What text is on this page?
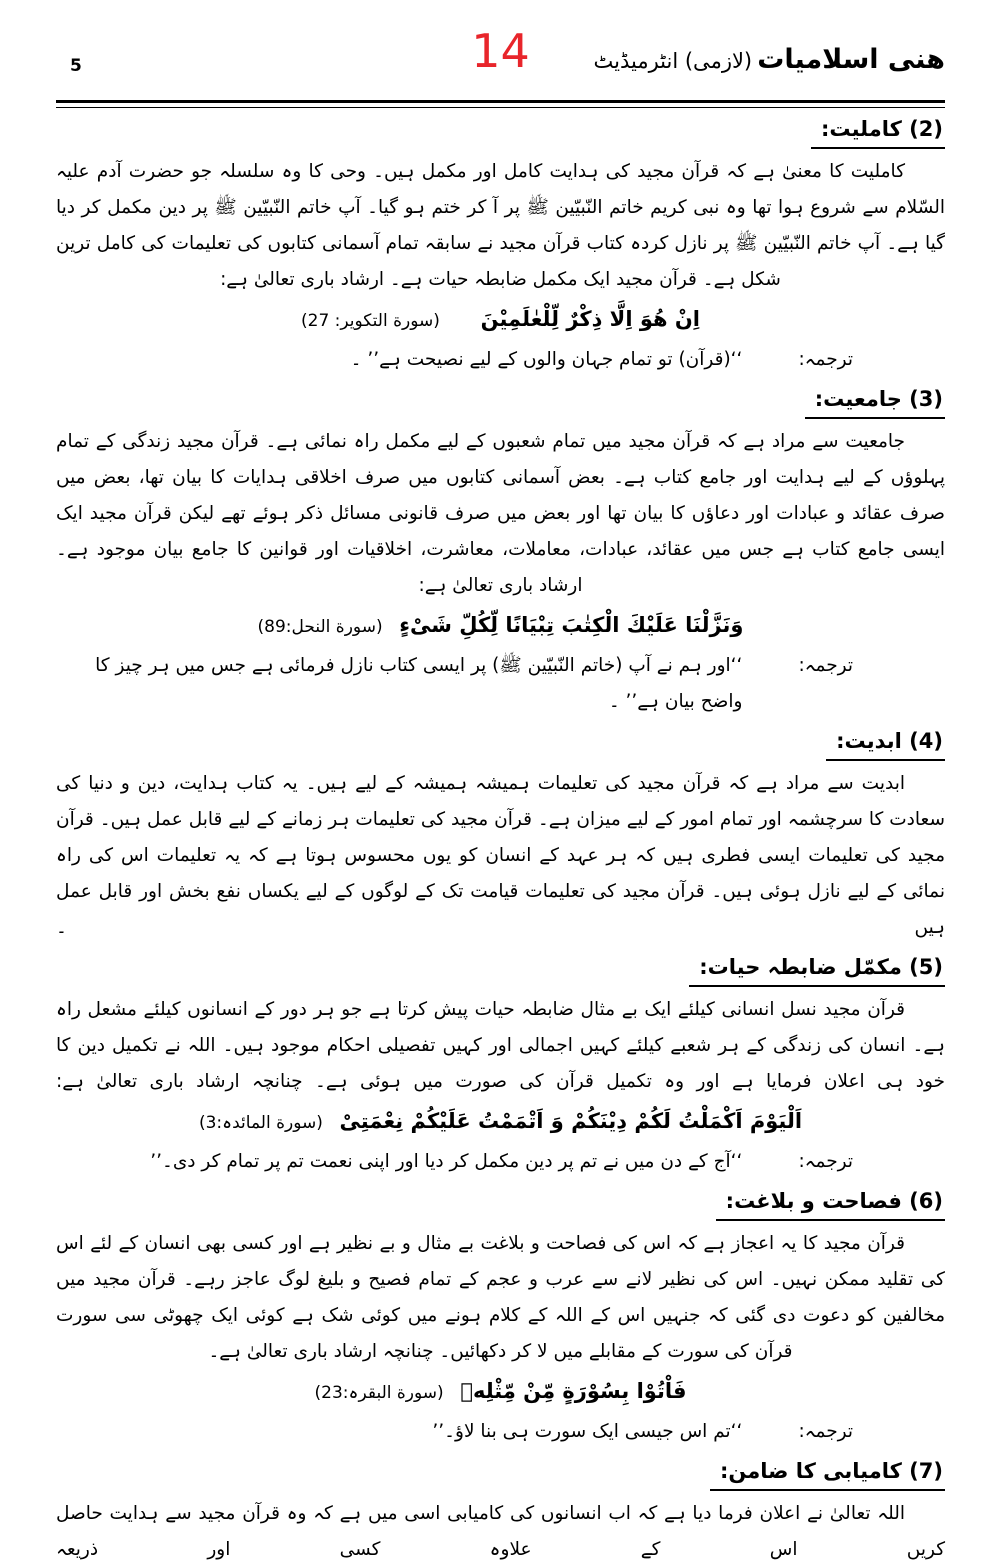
هنی اسلامیات (لازمی) انٹرمیڈیٹ
14
5
(2) کاملیت:

کاملیت کا معنیٰ ہے کہ قرآن مجید کی ہدایت کامل اور مکمل ہیں۔ وحی کا وہ سلسلہ جو حضرت آدم علیہ السّلام سے شروع ہوا تھا وہ نبی کریم خاتم النّبیّین ﷺ پر آ کر ختم ہو گیا۔ آپ خاتم النّبیّین ﷺ پر دین مکمل کر دیا گیا ہے۔ آپ خاتم النّبیّین ﷺ پر نازل کردہ کتاب قرآن مجید نے سابقہ تمام آسمانی کتابوں کی تعلیمات کی کامل ترین شکل ہے۔ قرآن مجید ایک مکمل ضابطہ حیات ہے۔ ارشاد باری تعالیٰ ہے:

اِنْ هُوَ اِلَّا ذِكْرٌ لِّلْعٰلَمِيْنَ (سورة التکویر: 27)
ترجمہ:
‘‘(قرآن) تو تمام جہان والوں کے لیے نصیحت ہے’’ ۔
(3) جامعیت:

جامعیت سے مراد ہے کہ قرآن مجید میں تمام شعبوں کے لیے مکمل راہ نمائی ہے۔ قرآن مجید زندگی کے تمام پہلوؤں کے لیے ہدایت اور جامع کتاب ہے۔ بعض آسمانی کتابوں میں صرف اخلاقی ہدایات کا بیان تھا، بعض میں صرف عقائد و عبادات اور دعاؤں کا بیان تھا اور بعض میں صرف قانونی مسائل ذکر ہوئے تھے لیکن قرآن مجید ایک ایسی جامع کتاب ہے جس میں عقائد، عبادات، معاملات، معاشرت، اخلاقیات اور قوانین کا جامع بیان موجود ہے۔ ارشاد باری تعالیٰ ہے:

وَنَزَّلْنَا عَلَيْكَ الْكِتٰبَ تِبْيَانًا لِّكُلِّ شَیْءٍ (سورة النحل:89)
ترجمہ:
‘‘اور ہم نے آپ (خاتم النّبیّین ﷺ) پر ایسی کتاب نازل فرمائی ہے جس میں ہر چیز کا واضح بیان ہے’’ ۔
(4) ابدیت:

ابدیت سے مراد ہے کہ قرآن مجید کی تعلیمات ہمیشہ ہمیشہ کے لیے ہیں۔ یہ کتاب ہدایت، دین و دنیا کی سعادت کا سرچشمہ اور تمام امور کے لیے میزان ہے۔ قرآن مجید کی تعلیمات ہر زمانے کے لیے قابل عمل ہیں۔ قرآن مجید کی تعلیمات ایسی فطری ہیں کہ ہر عہد کے انسان کو یوں محسوس ہوتا ہے کہ یہ تعلیمات اس کی راہ نمائی کے لیے نازل ہوئی ہیں۔ قرآن مجید کی تعلیمات قیامت تک کے لوگوں کے لیے یکساں نفع بخش اور قابل عمل ہیں ۔

(5) مکمّل ضابطہ حیات:

قرآن مجید نسل انسانی کیلئے ایک بے مثال ضابطہ حیات پیش کرتا ہے جو ہر دور کے انسانوں کیلئے مشعل راہ ہے۔ انسان کی زندگی کے ہر شعبے کیلئے کہیں اجمالی اور کہیں تفصیلی احکام موجود ہیں۔ اللہ نے تکمیل دین کا خود ہی اعلان فرمایا ہے اور وہ تکمیل قرآن کی صورت میں ہوئی ہے۔ چنانچہ ارشاد باری تعالیٰ ہے:

اَلْيَوْمَ اَكْمَلْتُ لَكُمْ دِيْنَكُمْ وَ اَتْمَمْتُ عَلَيْكُمْ نِعْمَتِیْ (سورة المائدہ:3)
ترجمہ:
‘‘آج کے دن میں نے تم پر دین مکمل کر دیا اور اپنی نعمت تم پر تمام کر دی۔’’
(6) فصاحت و بلاغت:

قرآن مجید کا یہ اعجاز ہے کہ اس کی فصاحت و بلاغت بے مثال و بے نظیر ہے اور کسی بھی انسان کے لئے اس کی تقلید ممکن نہیں۔ اس کی نظیر لانے سے عرب و عجم کے تمام فصیح و بلیغ لوگ عاجز رہے۔ قرآن مجید میں مخالفین کو دعوت دی گئی کہ جنہیں اس کے اللہ کے کلام ہونے میں کوئی شک ہے کوئی ایک چھوٹی سی سورت قرآن کی سورت کے مقابلے میں لا کر دکھائیں۔ چنانچہ ارشاد باری تعالیٰ ہے۔

فَاْتُوْا بِسُوْرَةٍ مِّنْ مِّثْلِهٖ (سورة البقرہ:23)
ترجمہ:
‘‘تم اس جیسی ایک سورت ہی بنا لاؤ۔’’
(7) کامیابی کا ضامن:

اللہ تعالیٰ نے اعلان فرما دیا ہے کہ اب انسانوں کی کامیابی اسی میں ہے کہ وہ قرآن مجید سے ہدایت حاصل کریں اس کے علاوہ کسی اور ذریعہ
